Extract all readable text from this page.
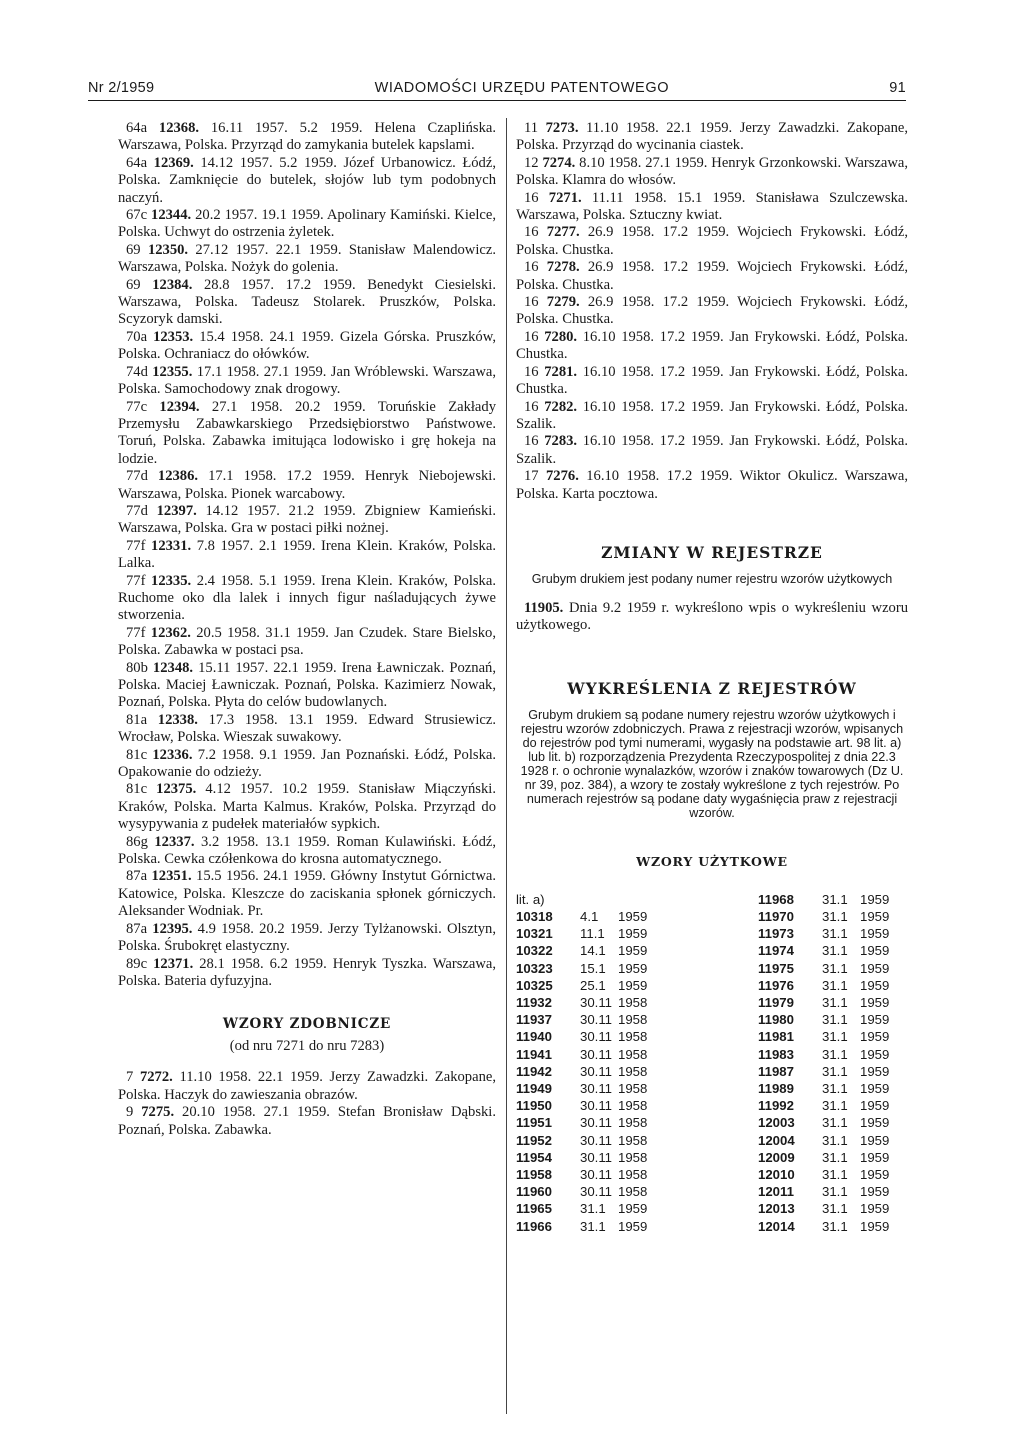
Nr 2/1959	WIADOMOŚCI URZĘDU PATENTOWEGO	91

64a 12368. 16.11 1957. 5.2 1959. Helena Czaplińska. Warszawa, Polska. Przyrząd do zamykania butelek kapslami.

64a 12369. 14.12 1957. 5.2 1959. Józef Urbanowicz. Łódź, Polska. Zamknięcie do butelek, słojów lub tym podobnych naczyń.

67c 12344. 20.2 1957. 19.1 1959. Apolinary Kamiński. Kielce, Polska. Uchwyt do ostrzenia żyletek.

69 12350. 27.12 1957. 22.1 1959. Stanisław Malendowicz. Warszawa, Polska. Nożyk do golenia.

69 12384. 28.8 1957. 17.2 1959. Benedykt Ciesielski. Warszawa, Polska. Tadeusz Stolarek. Pruszków, Polska. Scyzoryk damski.

70a 12353. 15.4 1958. 24.1 1959. Gizela Górska. Pruszków, Polska. Ochraniacz do ołówków.

74d 12355. 17.1 1958. 27.1 1959. Jan Wróblewski. Warszawa, Polska. Samochodowy znak drogowy.

77c 12394. 27.1 1958. 20.2 1959. Toruńskie Zakłady Przemysłu Zabawkarskiego Przedsiębiorstwo Państwowe. Toruń, Polska. Zabawka imitująca lodowisko i grę hokeja na lodzie.

77d 12386. 17.1 1958. 17.2 1959. Henryk Niebojewski. Warszawa, Polska. Pionek warcabowy.

77d 12397. 14.12 1957. 21.2 1959. Zbigniew Kamieński. Warszawa, Polska. Gra w postaci piłki nożnej.

77f 12331. 7.8 1957. 2.1 1959. Irena Klein. Kraków, Polska. Lalka.

77f 12335. 2.4 1958. 5.1 1959. Irena Klein. Kraków, Polska. Ruchome oko dla lalek i innych figur naśladujących żywe stworzenia.

77f 12362. 20.5 1958. 31.1 1959. Jan Czudek. Stare Bielsko, Polska. Zabawka w postaci psa.

80b 12348. 15.11 1957. 22.1 1959. Irena Ławniczak. Poznań, Polska. Maciej Ławniczak. Poznań, Polska. Kazimierz Nowak, Poznań, Polska. Płyta do celów budowlanych.

81a 12338. 17.3 1958. 13.1 1959. Edward Strusiewicz. Wrocław, Polska. Wieszak suwakowy.

81c 12336. 7.2 1958. 9.1 1959. Jan Poznański. Łódź, Polska. Opakowanie do odzieży.

81c 12375. 4.12 1957. 10.2 1959. Stanisław Miączyński. Kraków, Polska. Marta Kalmus. Kraków, Polska. Przyrząd do wysypywania z pudełek materiałów sypkich.

86g 12337. 3.2 1958. 13.1 1959. Roman Kulawiński. Łódź, Polska. Cewka czółenkowa do krosna automatycznego.

87a 12351. 15.5 1956. 24.1 1959. Główny Instytut Górnictwa. Katowice, Polska. Kleszcze do zaciskania spłonek górniczych. Aleksander Wodniak. Pr.

87a 12395. 4.9 1958. 20.2 1959. Jerzy Tylżanowski. Olsztyn, Polska. Śrubokręt elastyczny.

89c 12371. 28.1 1958. 6.2 1959. Henryk Tyszka. Warszawa, Polska. Bateria dyfuzyjna.

WZORY ZDOBNICZE
(od nru 7271 do nru 7283)

7 7272. 11.10 1958. 22.1 1959. Jerzy Zawadzki. Zakopane, Polska. Haczyk do zawieszania obrazów.

9 7275. 20.10 1958. 27.1 1959. Stefan Bronisław Dąbski. Poznań, Polska. Zabawka.

11 7273. 11.10 1958. 22.1 1959. Jerzy Zawadzki. Zakopane, Polska. Przyrząd do wycinania ciastek.

12 7274. 8.10 1958. 27.1 1959. Henryk Grzonkowski. Warszawa, Polska. Klamra do włosów.

16 7271. 11.11 1958. 15.1 1959. Stanisława Szulczewska. Warszawa, Polska. Sztuczny kwiat.

16 7277. 26.9 1958. 17.2 1959. Wojciech Frykowski. Łódź, Polska. Chustka.

16 7278. 26.9 1958. 17.2 1959. Wojciech Frykowski. Łódź, Polska. Chustka.

16 7279. 26.9 1958. 17.2 1959. Wojciech Frykowski. Łódź, Polska. Chustka.

16 7280. 16.10 1958. 17.2 1959. Jan Frykowski. Łódź, Polska. Chustka.

16 7281. 16.10 1958. 17.2 1959. Jan Frykowski. Łódź, Polska. Chustka.

16 7282. 16.10 1958. 17.2 1959. Jan Frykowski. Łódź, Polska. Szalik.

16 7283. 16.10 1958. 17.2 1959. Jan Frykowski. Łódź, Polska. Szalik.

17 7276. 16.10 1958. 17.2 1959. Wiktor Okulicz. Warszawa, Polska. Karta pocztowa.

ZMIANY W REJESTRZE
Grubym drukiem jest podany numer rejestru wzorów użytkowych

11905. Dnia 9.2 1959 r. wykreślono wpis o wykreśleniu wzoru użytkowego.

WYKREŚLENIA Z REJESTRÓW
Grubym drukiem są podane numery rejestru wzorów użytkowych i rejestru wzorów zdobniczych. Prawa z rejestracji wzorów, wpisanych do rejestrów pod tymi numerami, wygasły na podstawie art. 98 lit. a) lub lit. b) rozporządzenia Prezydenta Rzeczypospolitej z dnia 22.3 1928 r. o ochronie wynalazków, wzorów i znaków towarowych (Dz U. nr 39, poz. 384), a wzory te zostały wykreślone z tych rejestrów. Po numerach rejestrów są podane daty wygaśnięcia praw z rejestracji wzorów.
WZORY UŻYTKOWE
lit. a)			11968	31.1	1959
10318	4.1	1959	11970	31.1	1959
10321	11.1	1959	11973	31.1	1959
10322	14.1	1959	11974	31.1	1959
10323	15.1	1959	11975	31.1	1959
10325	25.1	1959	11976	31.1	1959
11932	30.11	1958	11979	31.1	1959
11937	30.11	1958	11980	31.1	1959
11940	30.11	1958	11981	31.1	1959
11941	30.11	1958	11983	31.1	1959
11942	30.11	1958	11987	31.1	1959
11949	30.11	1958	11989	31.1	1959
11950	30.11	1958	11992	31.1	1959
11951	30.11	1958	12003	31.1	1959
11952	30.11	1958	12004	31.1	1959
11954	30.11	1958	12009	31.1	1959
11958	30.11	1958	12010	31.1	1959
11960	30.11	1958	12011	31.1	1959
11965	31.1	1959	12013	31.1	1959
11966	31.1	1959	12014	31.1	1959
